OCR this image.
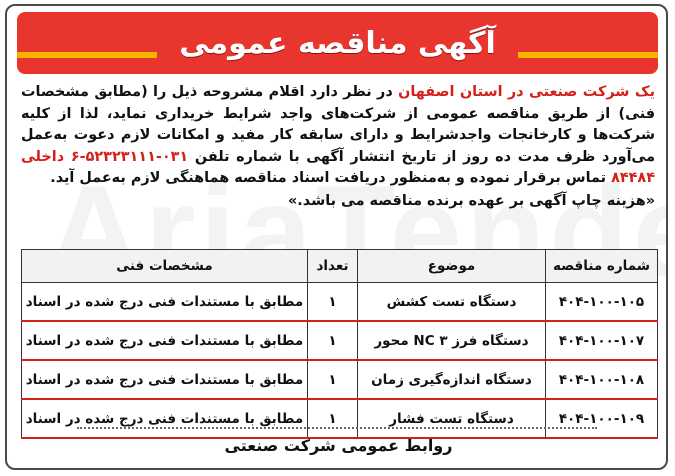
آگهی مناقصه عمومی
یک شرکت صنعتی در استان اصفهان در نظر دارد اقلام مشروحه ذیل را (مطابق مشخصات فنی) از طریق مناقصه عمومی از شرکت‌های واجد شرایط خریداری نماید، لذا از کلیه شرکت‌ها و کارخانجات واجدشرایط و دارای سابقه کار مفید و امکانات لازم دعوت به‌عمل می‌آورد ظرف مدت ده روز از تاریخ انتشار آگهی با شماره تلفن ۰۳۱-۵۲۳۲۳۱۱۱-۶ داخلی ۸۴۴۸۴ تماس برقرار نموده و به‌منظور دریافت اسناد مناقصه هماهنگی لازم به‌عمل آید.
«هزینه چاپ آگهی بر عهده برنده مناقصه می باشد.»
شماره مناقصه	موضوع	تعداد	مشخصات فنی
۴۰۴-۱۰۰-۱۰۵	دستگاه تست کشش	۱	مطابق با مستندات فنی درج شده در اسناد
۴۰۴-۱۰۰-۱۰۷	دستگاه فرز NC ۳ محور	۱	مطابق با مستندات فنی درج شده در اسناد
۴۰۴-۱۰۰-۱۰۸	دستگاه اندازه‌گیری زمان	۱	مطابق با مستندات فنی درج شده در اسناد
۴۰۴-۱۰۰-۱۰۹	دستگاه تست فشار	۱	مطابق با مستندات فنی درج شده در اسناد
روابط عمومی شرکت صنعتی
